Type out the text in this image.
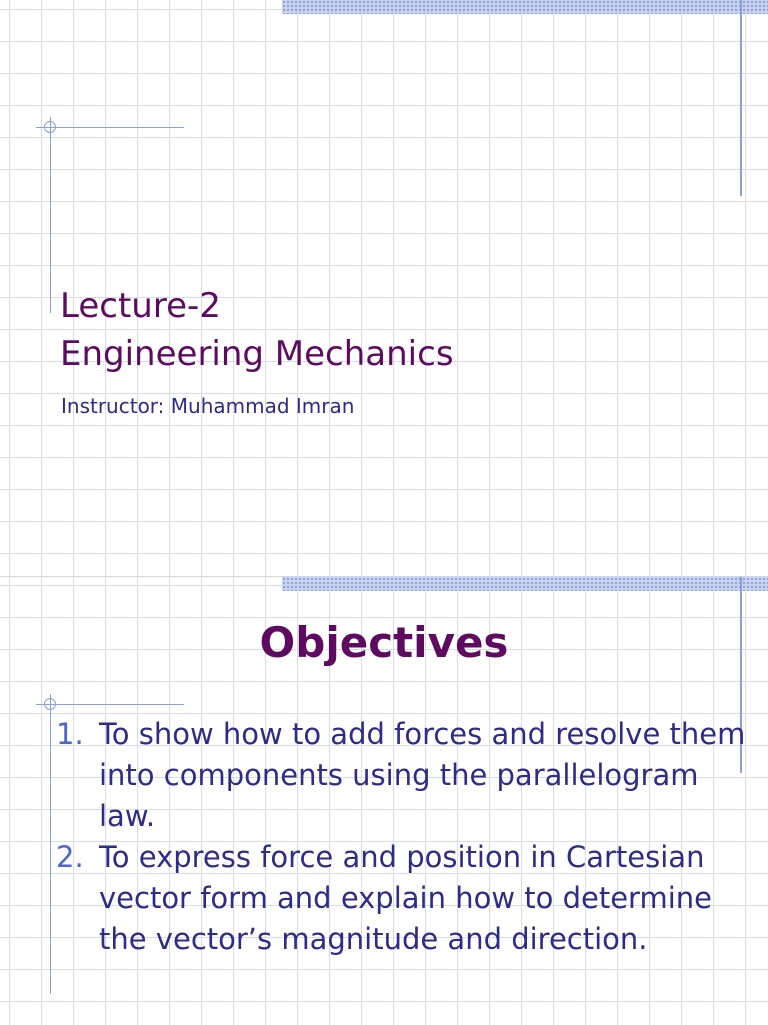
Lecture-2
Engineering Mechanics

Instructor: Muhammad Imran

Objectives
1. To show how to add forces and resolve them into components using the parallelogram law.
2. To express force and position in Cartesian vector form and explain how to determine the vector’s magnitude and direction.
